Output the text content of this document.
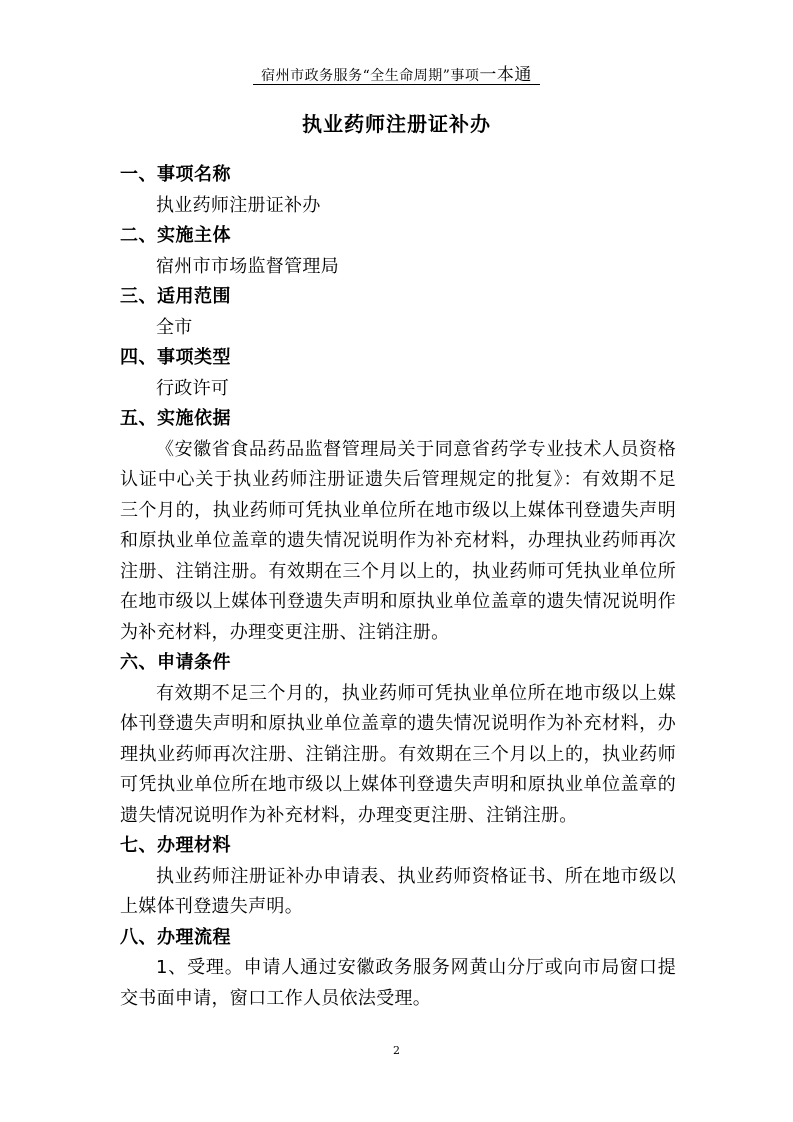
宿州市政务服务“全生命周期”事项一本通
执业药师注册证补办

一、事项名称

执业药师注册证补办

二、实施主体

宿州市市场监督管理局

三、适用范围

全市

四、事项类型

行政许可

五、实施依据

《安徽省食品药品监督管理局关于同意省药学专业技术人员资格认证中心关于执业药师注册证遗失后管理规定的批复》：有效期不足三个月的，执业药师可凭执业单位所在地市级以上媒体刊登遗失声明和原执业单位盖章的遗失情况说明作为补充材料，办理执业药师再次注册、注销注册。有效期在三个月以上的，执业药师可凭执业单位所在地市级以上媒体刊登遗失声明和原执业单位盖章的遗失情况说明作为补充材料，办理变更注册、注销注册。

六、申请条件

有效期不足三个月的，执业药师可凭执业单位所在地市级以上媒体刊登遗失声明和原执业单位盖章的遗失情况说明作为补充材料，办理执业药师再次注册、注销注册。有效期在三个月以上的，执业药师可凭执业单位所在地市级以上媒体刊登遗失声明和原执业单位盖章的遗失情况说明作为补充材料，办理变更注册、注销注册。

七、办理材料

执业药师注册证补办申请表、执业药师资格证书、所在地市级以上媒体刊登遗失声明。

八、办理流程

1、受理。申请人通过安徽政务服务网黄山分厅或向市局窗口提交书面申请，窗口工作人员依法受理。

2
